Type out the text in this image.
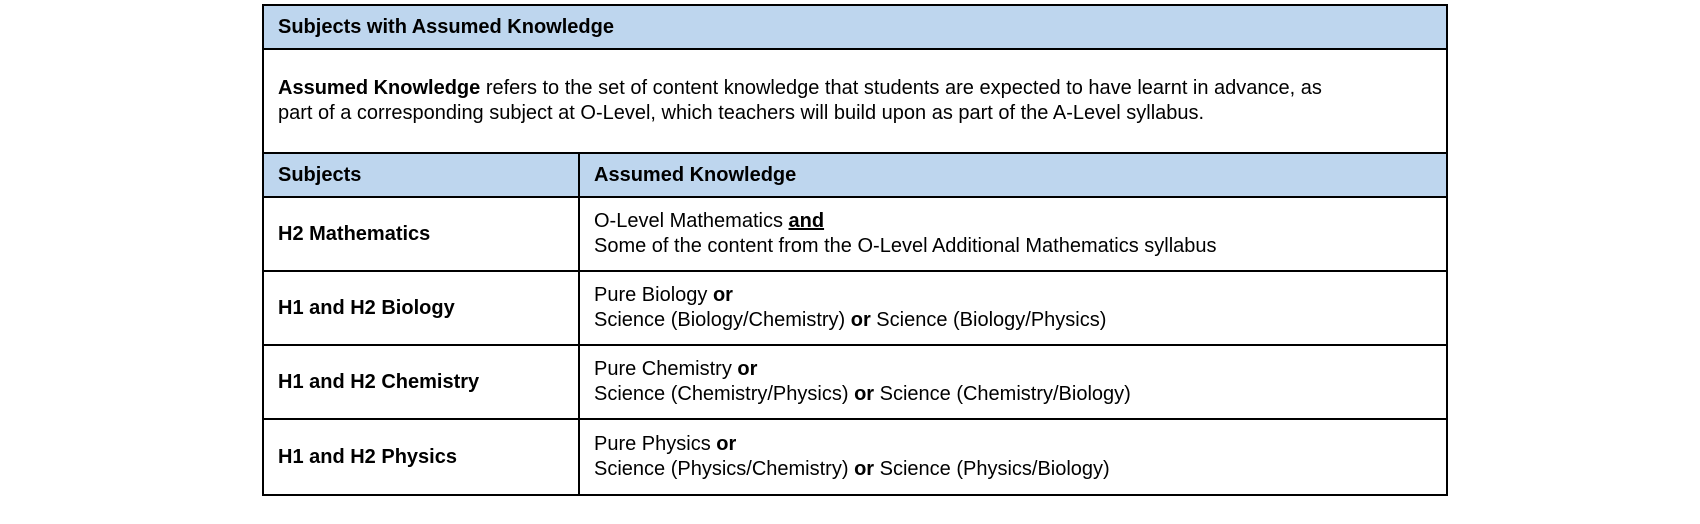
Subjects with Assumed Knowledge	

Assumed Knowledge refers to the set of content knowledge that students are expected to have learnt in advance, as
part of a corresponding subject at O-Level, which teachers will build upon as part of the A-Level syllabus.	

Subjects	Assumed Knowledge
H2 Mathematics	O-Level Mathematics and
Some of the content from the O-Level Additional Mathematics syllabus

H1 and H2 Biology	Pure Biology or
Science (Biology/Chemistry) or Science (Biology/Physics)

H1 and H2 Chemistry	Pure Chemistry or
Science (Chemistry/Physics) or Science (Chemistry/Biology)

H1 and H2 Physics	Pure Physics or
Science (Physics/Chemistry) or Science (Physics/Biology)
